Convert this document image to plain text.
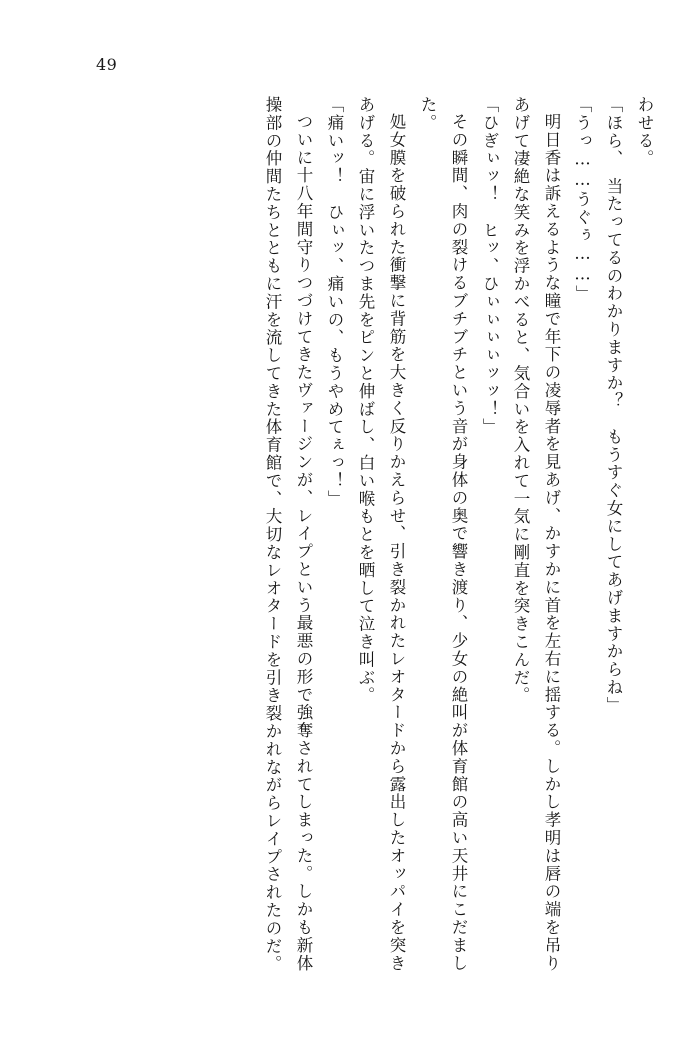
49

わせる。

「ほら、　当たってるのわかりますか？　もうすぐ女にしてあげますからね」

「うっ……うぐぅ……」

明日香は訴えるような瞳で年下の凌辱者を見あげ、かすかに首を左右に揺する。しかし孝明は唇の端を吊りあげて凄絶な笑みを浮かべると、気合いを入れて一気に剛直を突きこんだ。

「ひぎぃッ！　ヒッ、ひぃぃぃぃッッ！」

その瞬間、肉の裂けるブチブチという音が身体の奥で響き渡り、少女の絶叫が体育館の高い天井にこだました。

処女膜を破られた衝撃に背筋を大きく反りかえらせ、引き裂かれたレオタードから露出したオッパイを突きあげる。宙に浮いたつま先をピンと伸ばし、白い喉もとを晒して泣き叫ぶ。

「痛いッ！　ひぃッ、痛いの、もうやめてぇっ！」

ついに十八年間守りつづけてきたヴァージンが、レイプという最悪の形で強奪されてしまった。しかも新体操部の仲間たちとともに汗を流してきた体育館で、大切なレオタードを引き裂かれながらレイプされたのだ。
